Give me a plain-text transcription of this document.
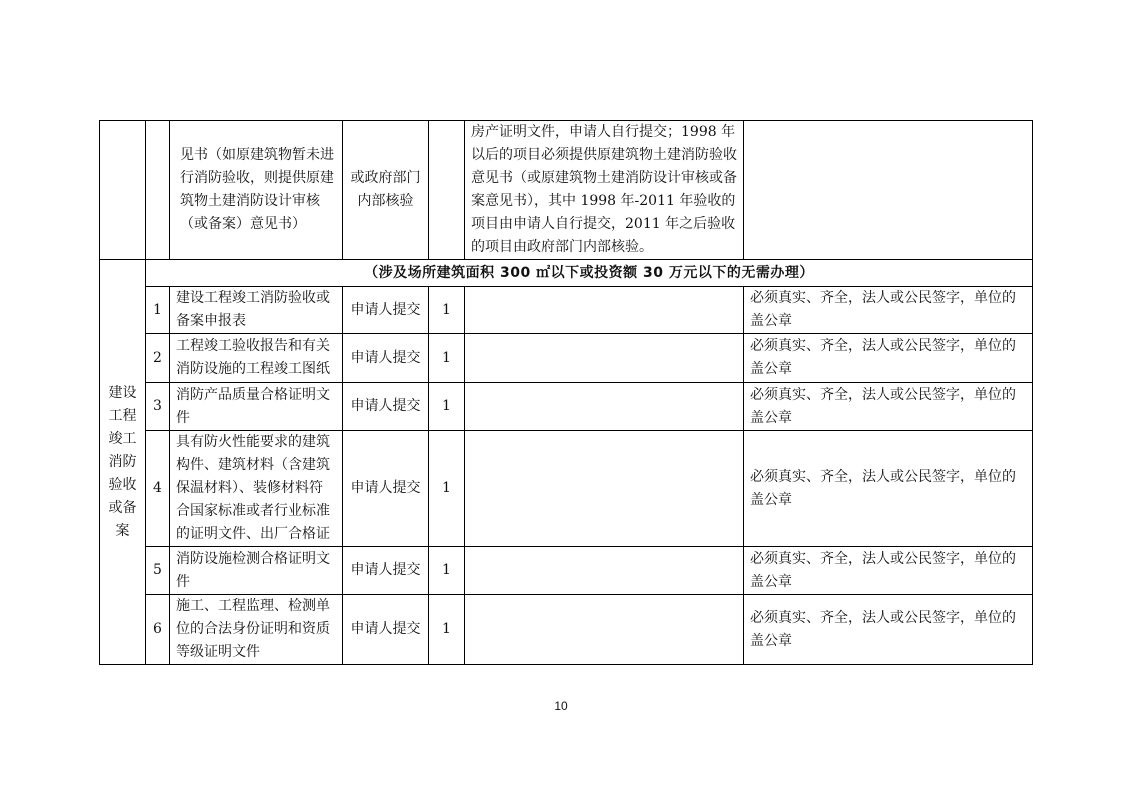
		见书（如原建筑物暂未进行消防验收，则提供原建筑物土建消防设计审核（或备案）意见书）	或政府部门内部核验		房产证明文件，申请人自行提交；1998 年以后的项目必须提供原建筑物土建消防验收意见书（或原建筑物土建消防设计审核或备案意见书），其中 1998 年-2011 年验收的项目由申请人自行提交，2011 年之后验收的项目由政府部门内部核验。	
建设工程竣工消防验收或备案	（涉及场所建筑面积 300 ㎡以下或投资额 30 万元以下的无需办理）					
	1	建设工程竣工消防验收或备案申报表	申请人提交	1		必须真实、齐全，法人或公民签字，单位的盖公章
	2	工程竣工验收报告和有关消防设施的工程竣工图纸	申请人提交	1		必须真实、齐全，法人或公民签字，单位的盖公章
	3	消防产品质量合格证明文件	申请人提交	1		必须真实、齐全，法人或公民签字，单位的盖公章
	4	具有防火性能要求的建筑构件、建筑材料（含建筑保温材料）、装修材料符合国家标准或者行业标准的证明文件、出厂合格证	申请人提交	1		必须真实、齐全，法人或公民签字，单位的盖公章
	5	消防设施检测合格证明文件	申请人提交	1		必须真实、齐全，法人或公民签字，单位的盖公章
	6	施工、工程监理、检测单位的合法身份证明和资质等级证明文件	申请人提交	1		必须真实、齐全，法人或公民签字，单位的盖公章
10
